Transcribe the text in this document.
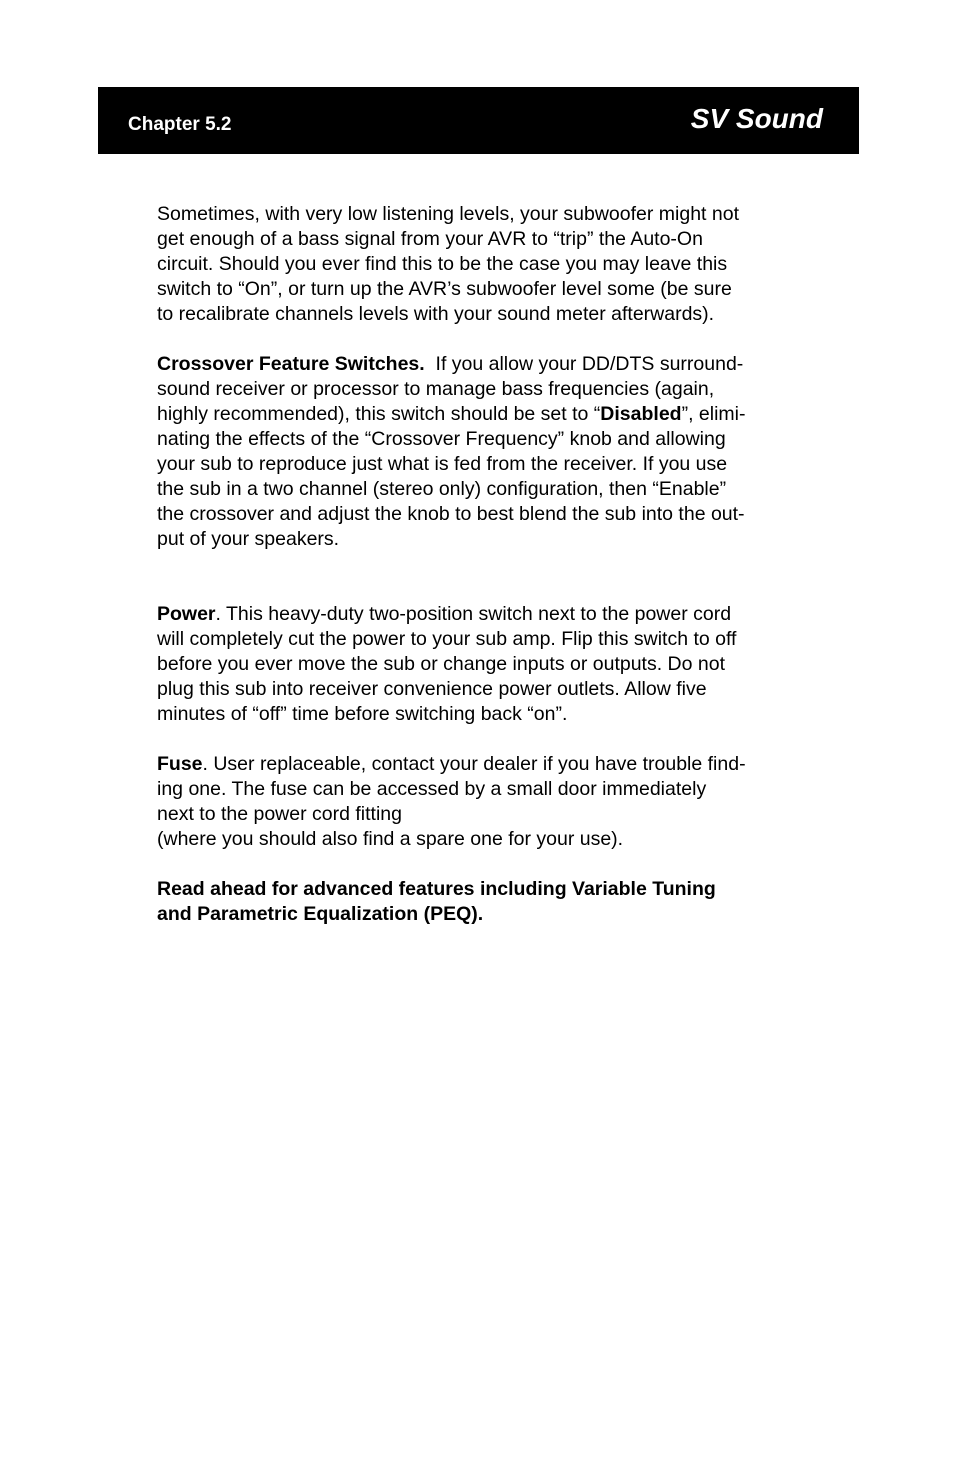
Chapter 5.2	SV Sound
Sometimes, with very low listening levels, your subwoofer might not
get enough of a bass signal from your AVR to “trip” the Auto-On
circuit. Should you ever find this to be the case you may leave this
switch to “On”, or turn up the AVR’s subwoofer level some (be sure
to recalibrate channels levels with your sound meter afterwards).
Crossover Feature Switches.  If you allow your DD/DTS surround-
sound receiver or processor to manage bass frequencies (again,
highly recommended), this switch should be set to “Disabled”, elimi-
nating the effects of the “Crossover Frequency” knob and allowing
your sub to reproduce just what is fed from the receiver. If you use
the sub in a two channel (stereo only) configuration, then “Enable”
the crossover and adjust the knob to best blend the sub into the out-
put of your speakers.
Power. This heavy-duty two-position switch next to the power cord
will completely cut the power to your sub amp. Flip this switch to off
before you ever move the sub or change inputs or outputs. Do not
plug this sub into receiver convenience power outlets. Allow five
minutes of “off” time before switching back “on”.
Fuse. User replaceable, contact your dealer if you have trouble find-
ing one. The fuse can be accessed by a small door immediately
next to the power cord fitting
(where you should also find a spare one for your use).
Read ahead for advanced features including Variable Tuning
and Parametric Equalization (PEQ).
